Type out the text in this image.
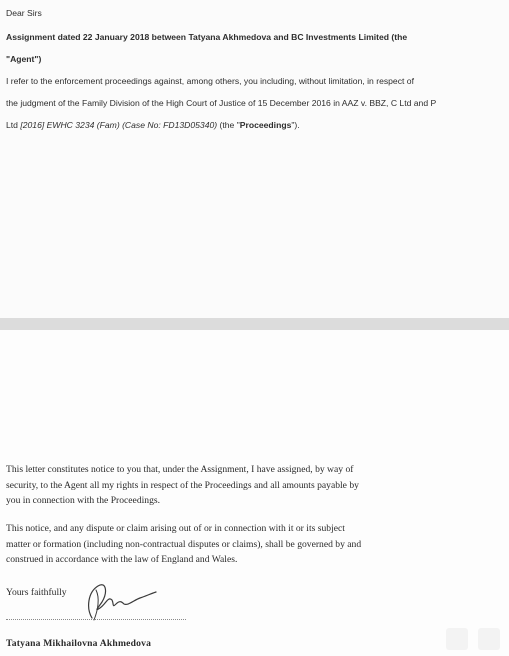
Dear Sirs
Assignment dated 22 January 2018 between Tatyana Akhmedova and BC Investments Limited (the
"Agent")
I refer to the enforcement proceedings against, among others, you including, without limitation, in respect of
the judgment of the Family Division of the High Court of Justice of 15 December 2016 in AAZ v. BBZ, C Ltd and P
Ltd [2016] EWHC 3234 (Fam) (Case No: FD13D05340) (the "Proceedings").
This letter constitutes notice to you that, under the Assignment, I have assigned, by way of
security, to the Agent all my rights in respect of the Proceedings and all amounts payable by
you in connection with the Proceedings.
This notice, and any dispute or claim arising out of or in connection with it or its subject
matter or formation (including non-contractual disputes or claims), shall be governed by and
construed in accordance with the law of England and Wales.
Yours faithfully
Tatyana Mikhailovna Akhmedova
